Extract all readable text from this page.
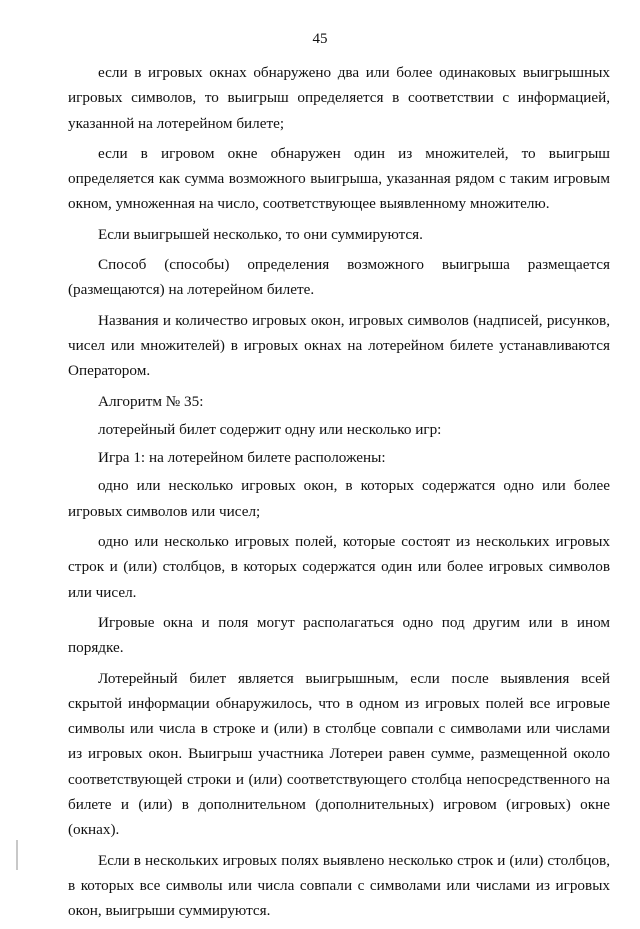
45

если в игровых окнах обнаружено два или более одинаковых выигрышных игровых символов, то выигрыш определяется в соответствии с информацией, указанной на лотерейном билете;

если в игровом окне обнаружен один из множителей, то выигрыш определяется как сумма возможного выигрыша, указанная рядом с таким игровым окном, умноженная на число, соответствующее выявленному множителю.

Если выигрышей несколько, то они суммируются.

Способ (способы) определения возможного выигрыша размещается (размещаются) на лотерейном билете.

Названия и количество игровых окон, игровых символов (надписей, рисунков, чисел или множителей) в игровых окнах на лотерейном билете устанавливаются Оператором.

Алгоритм № 35:

лотерейный билет содержит одну или несколько игр:

Игра 1: на лотерейном билете расположены:

одно или несколько игровых окон, в которых содержатся одно или более игровых символов или чисел;

одно или несколько игровых полей, которые состоят из нескольких игровых строк и (или) столбцов, в которых содержатся один или более игровых символов или чисел.

Игровые окна и поля могут располагаться одно под другим или в ином порядке.

Лотерейный билет является выигрышным, если после выявления всей скрытой информации обнаружилось, что в одном из игровых полей все игровые символы или числа в строке и (или) в столбце совпали с символами или числами из игровых окон. Выигрыш участника Лотереи равен сумме, размещенной около соответствующей строки и (или) соответствующего столбца непосредственного на билете и (или) в дополнительном (дополнительных) игровом (игровых) окне (окнах).

Если в нескольких игровых полях выявлено несколько строк и (или) столбцов, в которых все символы или числа совпали с символами или числами из игровых окон, выигрыши суммируются.
